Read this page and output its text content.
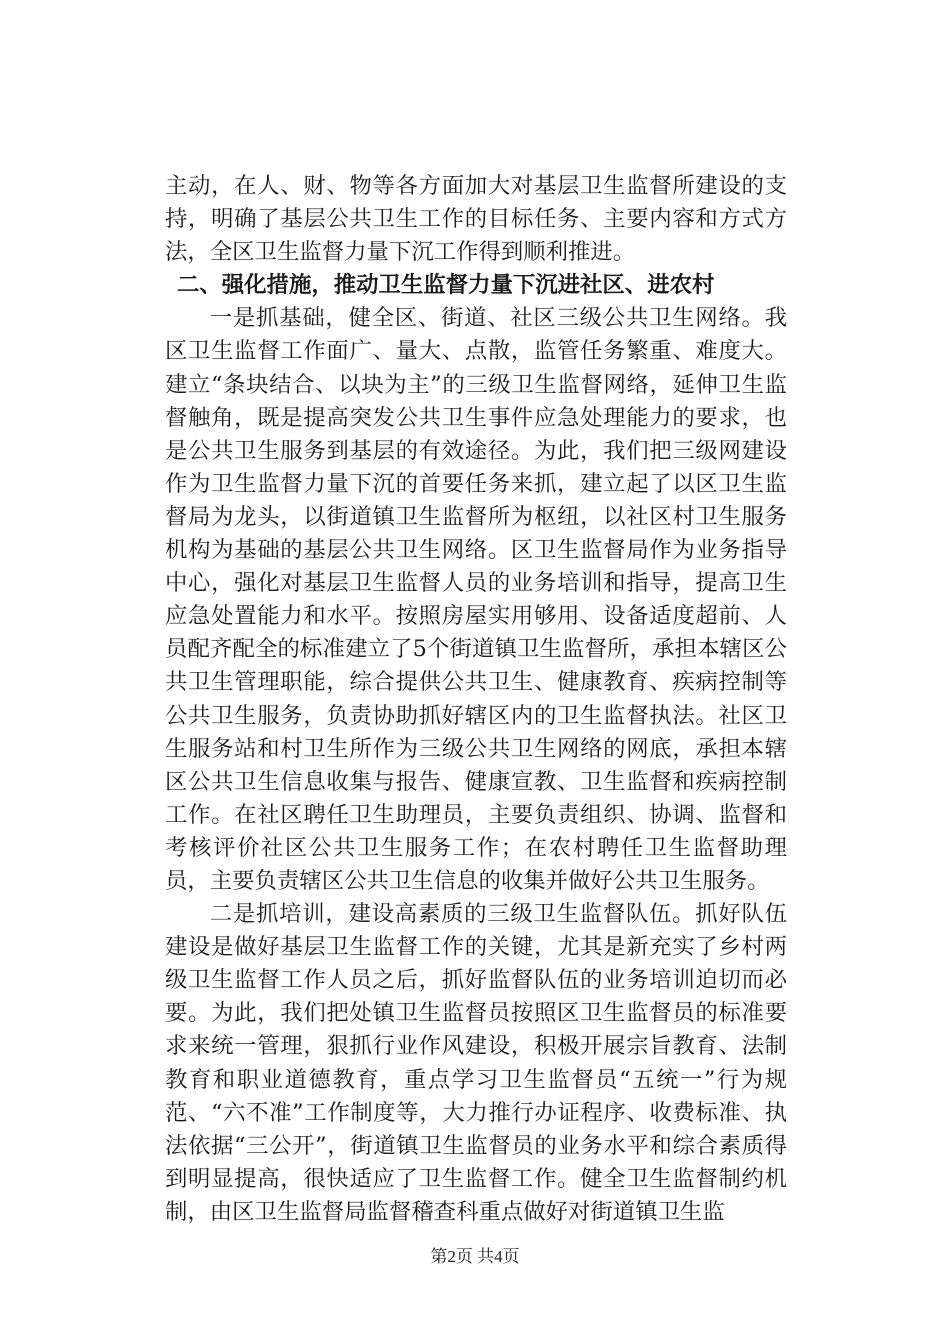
主动，在人、财、物等各方面加大对基层卫生监督所建设的支持，明确了基层公共卫生工作的目标任务、主要内容和方式方法，全区卫生监督力量下沉工作得到顺利推进。

二、强化措施，推动卫生监督力量下沉进社区、进农村

一是抓基础，健全区、街道、社区三级公共卫生网络。我区卫生监督工作面广、量大、点散，监管任务繁重、难度大。建立“条块结合、以块为主”的三级卫生监督网络，延伸卫生监督触角，既是提高突发公共卫生事件应急处理能力的要求，也是公共卫生服务到基层的有效途径。为此，我们把三级网建设作为卫生监督力量下沉的首要任务来抓，建立起了以区卫生监督局为龙头，以街道镇卫生监督所为枢纽，以社区村卫生服务机构为基础的基层公共卫生网络。区卫生监督局作为业务指导中心，强化对基层卫生监督人员的业务培训和指导，提高卫生应急处置能力和水平。按照房屋实用够用、设备适度超前、人员配齐配全的标准建立了5个街道镇卫生监督所，承担本辖区公共卫生管理职能，综合提供公共卫生、健康教育、疾病控制等公共卫生服务，负责协助抓好辖区内的卫生监督执法。社区卫生服务站和村卫生所作为三级公共卫生网络的网底，承担本辖区公共卫生信息收集与报告、健康宣教、卫生监督和疾病控制工作。在社区聘任卫生助理员，主要负责组织、协调、监督和考核评价社区公共卫生服务工作；在农村聘任卫生监督助理员，主要负责辖区公共卫生信息的收集并做好公共卫生服务。

二是抓培训，建设高素质的三级卫生监督队伍。抓好队伍建设是做好基层卫生监督工作的关键，尤其是新充实了乡村两级卫生监督工作人员之后，抓好监督队伍的业务培训迫切而必要。为此，我们把处镇卫生监督员按照区卫生监督员的标准要求来统一管理，狠抓行业作风建设，积极开展宗旨教育、法制教育和职业道德教育，重点学习卫生监督员“五统一”行为规范、“六不准”工作制度等，大力推行办证程序、收费标准、执法依据“三公开”，街道镇卫生监督员的业务水平和综合素质得到明显提高，很快适应了卫生监督工作。健全卫生监督制约机制，由区卫生监督局监督稽查科重点做好对街道镇卫生监

第2页 共4页
